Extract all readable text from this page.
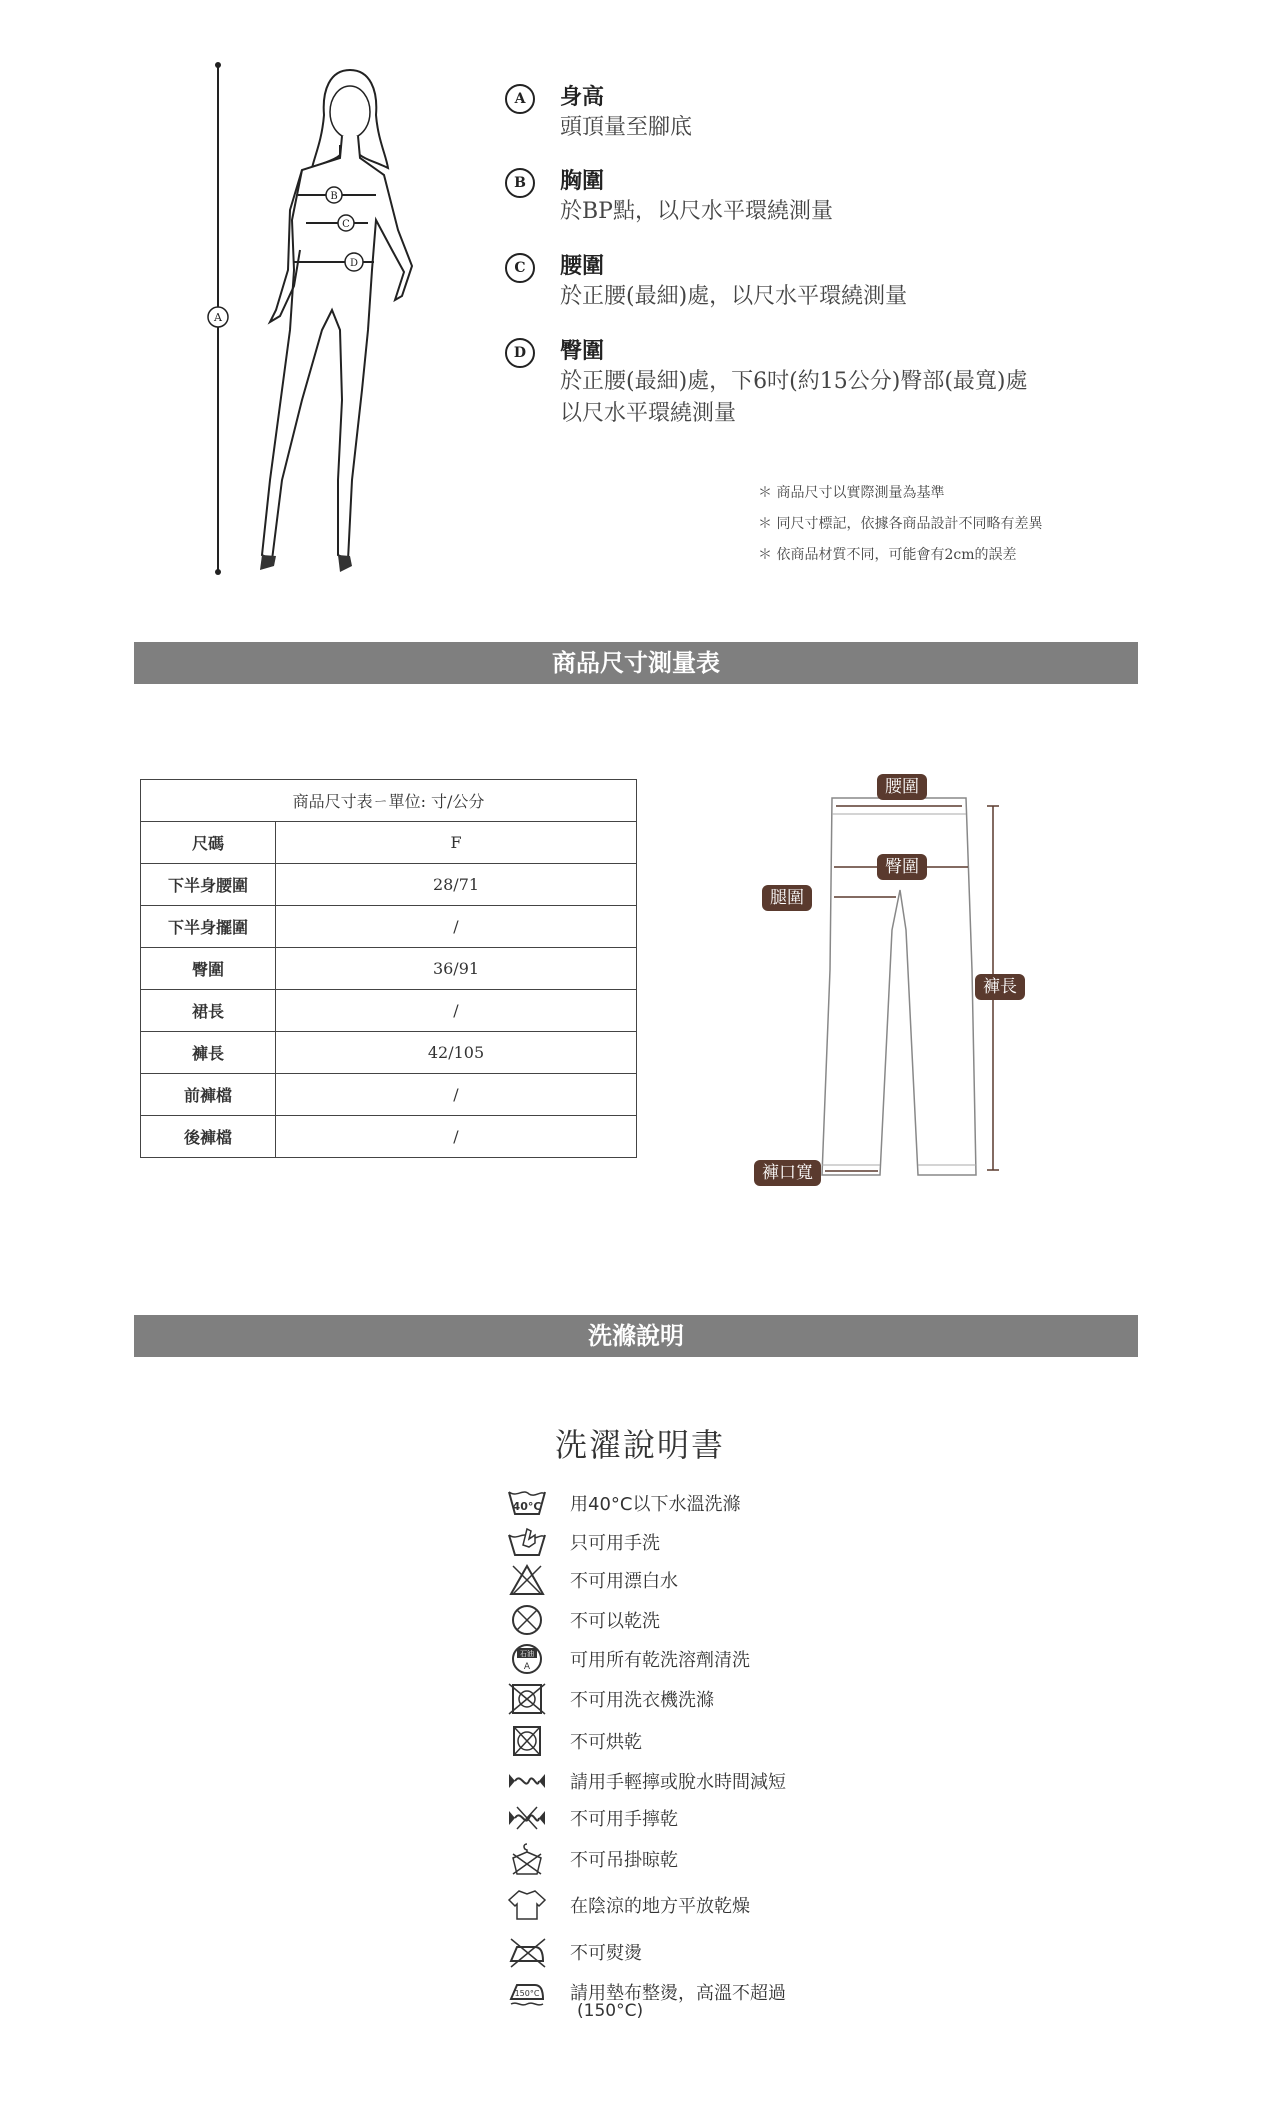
A
B
C
D
A	身高
頭頂量至腳底
B	胸圍
於BP點，以尺水平環繞測量
C	腰圍
於正腰(最細)處，以尺水平環繞測量
D	臀圍
於正腰(最細)處，下6吋(約15公分)臀部(最寬)處
以尺水平環繞測量
＊ 商品尺寸以實際測量為基準
＊ 同尺寸標記，依據各商品設計不同略有差異
＊ 依商品材質不同，可能會有2cm的誤差
商品尺寸測量表
商品尺寸表ㄧ單位: 寸/公分	
尺碼	F
下半身腰圍	28/71
下半身擺圍	/
臀圍	36/91
裙長	/
褲長	42/105
前褲檔	/
後褲檔	/
腰圍
臀圍
腿圍
褲長
褲口寬
洗滌說明
洗濯說明書
40°C 用40°C以下水溫洗滌
只可用手洗
不可用漂白水
不可以乾洗
石油
A 可用所有乾洗溶劑清洗
不可用洗衣機洗滌
不可烘乾
請用手輕擰或脫水時間減短
不可用手擰乾
不可吊掛晾乾
在陰涼的地方平放乾燥
不可熨燙
150°C 請用墊布整燙，高溫不超過
(150°C)
